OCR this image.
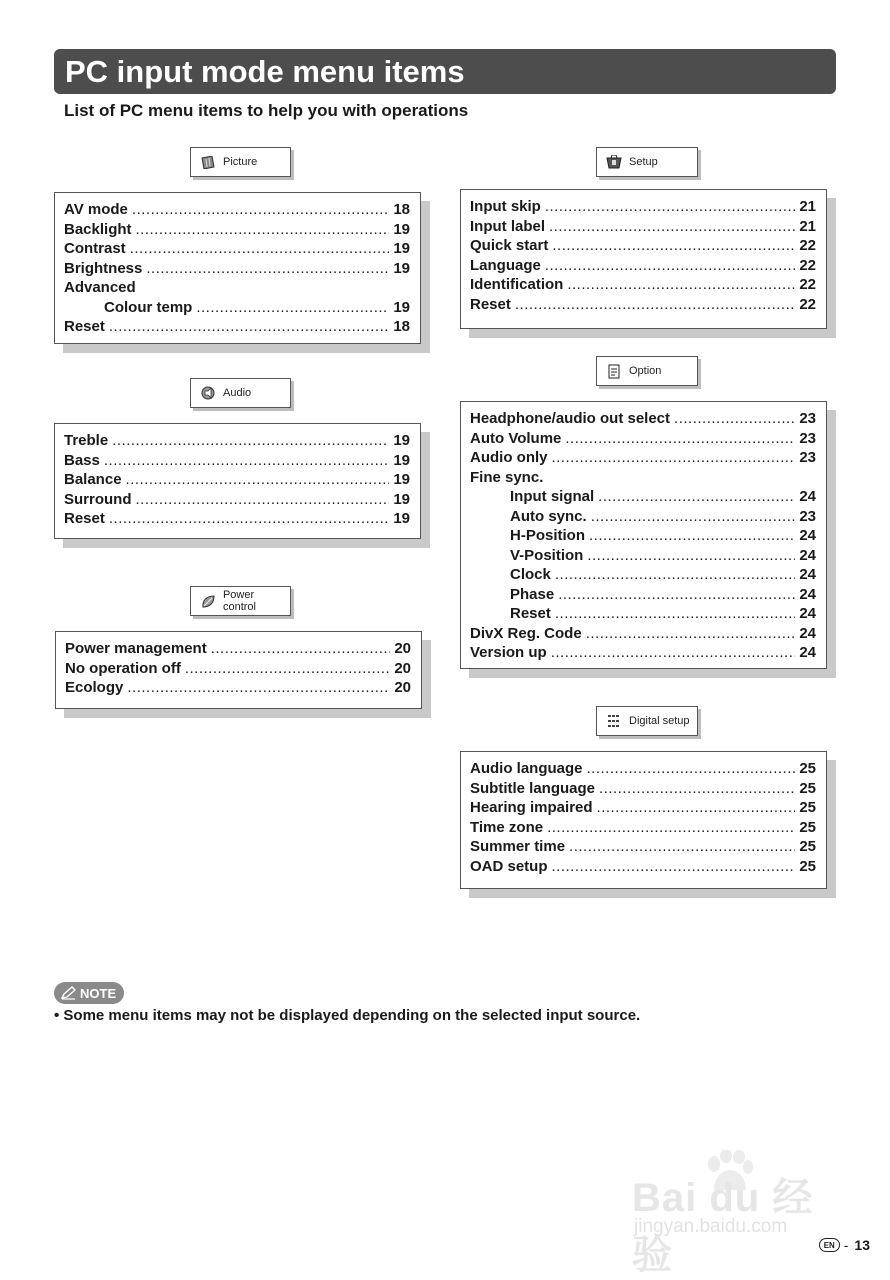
PC input mode menu items
List of PC menu items to help you with operations
Picture
AV mode .....	18
Backlight .....	19
Contrast .....	19
Brightness .....	19
Advanced
Colour temp .....	19
Reset .....	18
Audio
Treble .....	19
Bass .....	19
Balance .....	19
Surround .....	19
Reset .....	19
Power control
Power management .....	20
No operation off .....	20
Ecology .....	20
Setup
Input skip .....	21
Input label .....	21
Quick start .....	22
Language .....	22
Identification .....	22
Reset .....	22
Option
Headphone/audio out select .....	23
Auto Volume .....	23
Audio only .....	23
Fine sync.
Input signal .....	24
Auto sync. .....	23
H-Position .....	24
V-Position .....	24
Clock .....	24
Phase .....	24
Reset .....	24
DivX Reg. Code .....	24
Version up .....	24
Digital setup
Audio language .....	25
Subtitle language .....	25
Hearing impaired .....	25
Time zone .....	25
Summer time .....	25
OAD setup .....	25
NOTE
• Some menu items may not be displayed depending on the selected input source.
Bai du 经验
jingyan.baidu.com
EN - 13
